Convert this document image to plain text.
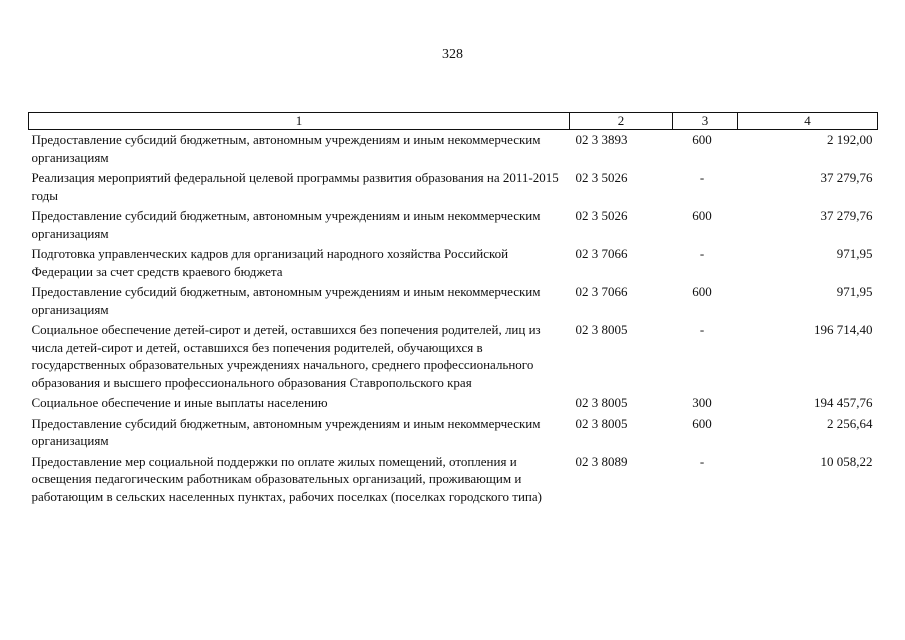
328
1	2	3	4
Предоставление субсидий бюджетным, автономным учреждениям и иным некоммерческим организациям	02 3 3893	600	2 192,00
Реализация мероприятий федеральной целевой программы развития образования на 2011-2015 годы	02 3 5026	-	37 279,76
Предоставление субсидий бюджетным, автономным учреждениям и иным некоммерческим организациям	02 3 5026	600	37 279,76
Подготовка управленческих кадров для организаций народного хозяйства Российской Федерации за счет средств краевого бюджета	02 3 7066	-	971,95
Предоставление субсидий бюджетным, автономным учреждениям и иным некоммерческим организациям	02 3 7066	600	971,95
Социальное обеспечение детей-сирот и детей, оставшихся без попечения родителей, лиц из числа детей-сирот и детей, оставшихся без попечения родителей, обучающихся в государственных образовательных учреждениях начального, среднего профессионального образования и высшего профессионального образования Ставропольского края	02 3 8005	-	196 714,40
Социальное обеспечение и иные выплаты населению	02 3 8005	300	194 457,76
Предоставление субсидий бюджетным, автономным учреждениям и иным некоммерческим организациям	02 3 8005	600	2 256,64
Предоставление мер социальной поддержки по оплате жилых помещений, отопления и освещения педагогическим работникам образовательных организаций, проживающим и работающим в сельских населенных пунктах, рабочих поселках (поселках городского типа)	02 3 8089	-	10 058,22
